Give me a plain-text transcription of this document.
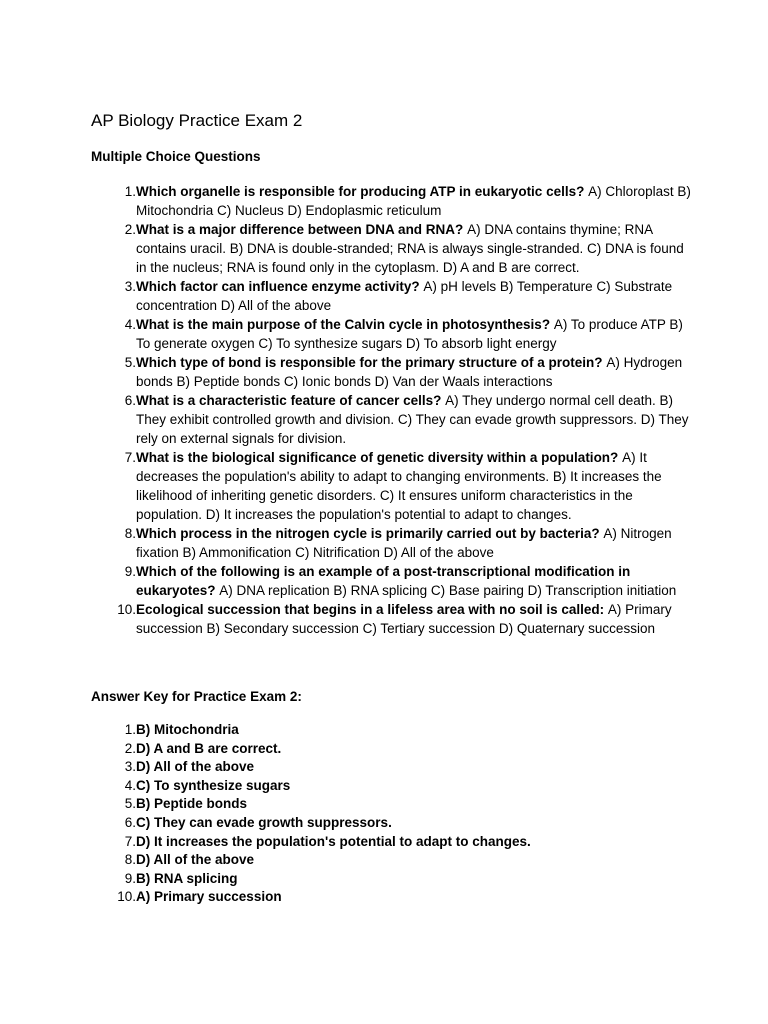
AP Biology Practice Exam 2
Multiple Choice Questions
1. Which organelle is responsible for producing ATP in eukaryotic cells? A) Chloroplast B) Mitochondria C) Nucleus D) Endoplasmic reticulum
2. What is a major difference between DNA and RNA? A) DNA contains thymine; RNA contains uracil. B) DNA is double-stranded; RNA is always single-stranded. C) DNA is found in the nucleus; RNA is found only in the cytoplasm. D) A and B are correct.
3. Which factor can influence enzyme activity? A) pH levels B) Temperature C) Substrate concentration D) All of the above
4. What is the main purpose of the Calvin cycle in photosynthesis? A) To produce ATP B) To generate oxygen C) To synthesize sugars D) To absorb light energy
5. Which type of bond is responsible for the primary structure of a protein? A) Hydrogen bonds B) Peptide bonds C) Ionic bonds D) Van der Waals interactions
6. What is a characteristic feature of cancer cells? A) They undergo normal cell death. B) They exhibit controlled growth and division. C) They can evade growth suppressors. D) They rely on external signals for division.
7. What is the biological significance of genetic diversity within a population? A) It decreases the population's ability to adapt to changing environments. B) It increases the likelihood of inheriting genetic disorders. C) It ensures uniform characteristics in the population. D) It increases the population's potential to adapt to changes.
8. Which process in the nitrogen cycle is primarily carried out by bacteria? A) Nitrogen fixation B) Ammonification C) Nitrification D) All of the above
9. Which of the following is an example of a post-transcriptional modification in eukaryotes? A) DNA replication B) RNA splicing C) Base pairing D) Transcription initiation
10. Ecological succession that begins in a lifeless area with no soil is called: A) Primary succession B) Secondary succession C) Tertiary succession D) Quaternary succession
Answer Key for Practice Exam 2:
1. B) Mitochondria
2. D) A and B are correct.
3. D) All of the above
4. C) To synthesize sugars
5. B) Peptide bonds
6. C) They can evade growth suppressors.
7. D) It increases the population's potential to adapt to changes.
8. D) All of the above
9. B) RNA splicing
10. A) Primary succession
